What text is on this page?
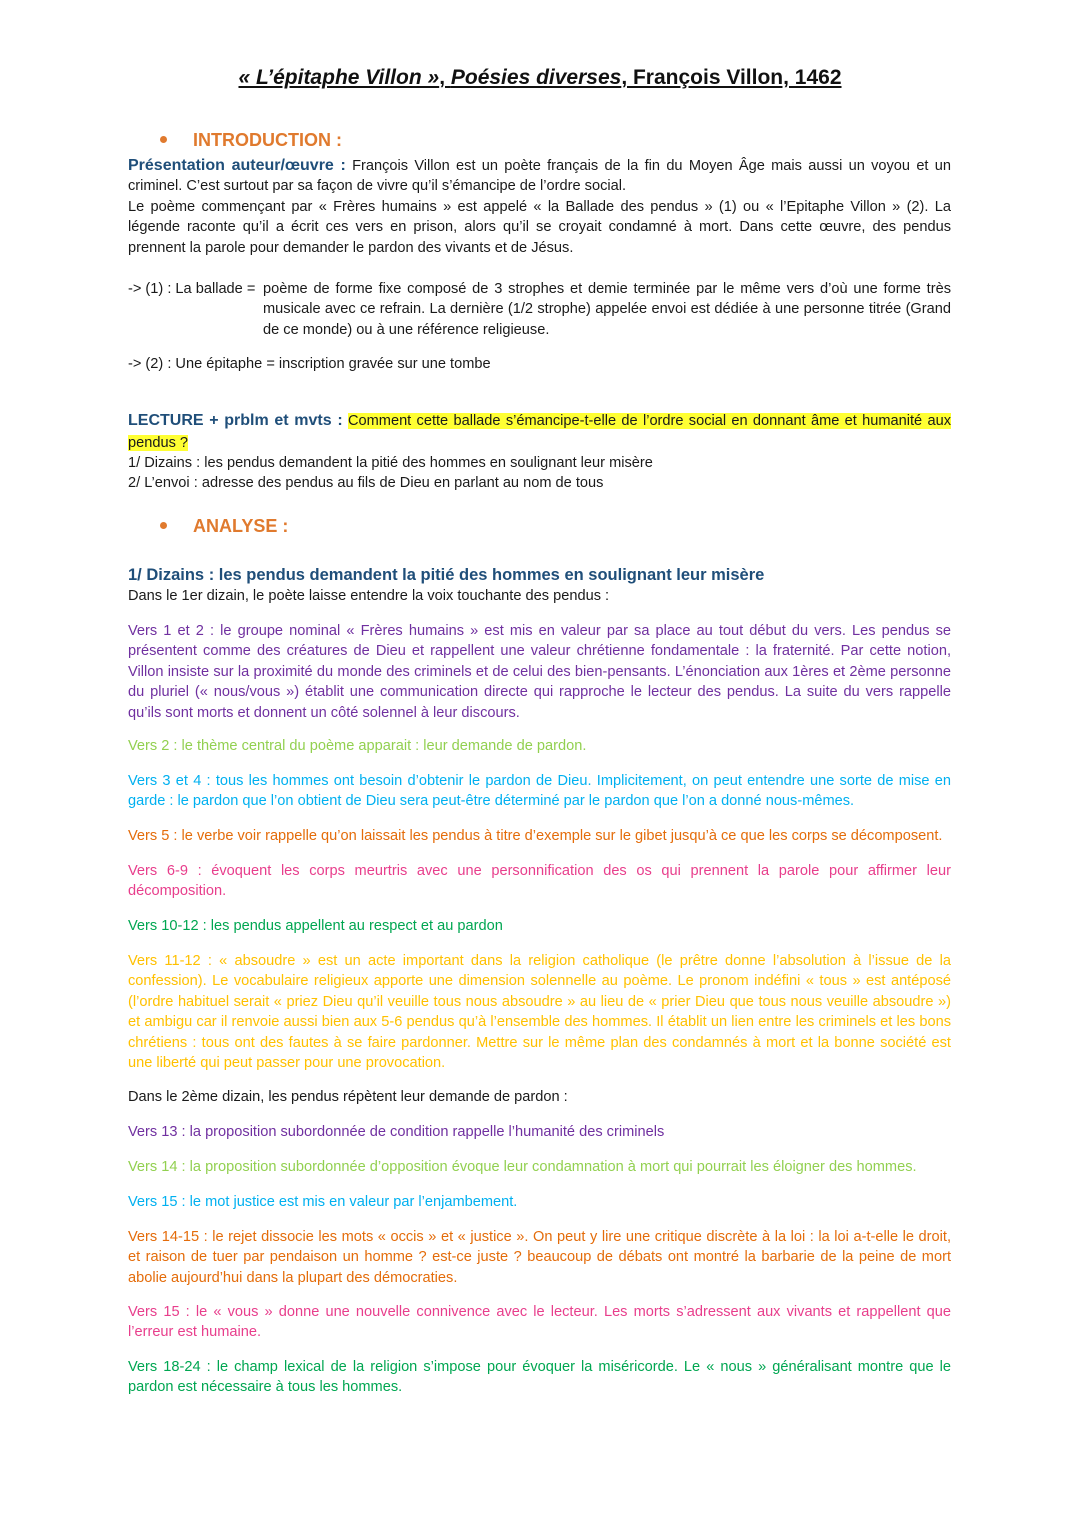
« L’épitaphe Villon », Poésies diverses, François Villon, 1462
INTRODUCTION :
Présentation auteur/œuvre : François Villon est un poète français de la fin du Moyen Âge mais aussi un voyou et un criminel. C’est surtout par sa façon de vivre qu’il s’émancipe de l’ordre social.
Le poème commençant par « Frères humains » est appelé « la Ballade des pendus » (1) ou « l’Epitaphe Villon » (2). La légende raconte qu’il a écrit ces vers en prison, alors qu’il se croyait condamné à mort. Dans cette œuvre, des pendus prennent la parole pour demander le pardon des vivants et de Jésus.
-> (1) : La ballade = poème de forme fixe composé de 3 strophes et demie terminée par le même vers d’où une forme très musicale avec ce refrain. La dernière (1/2 strophe) appelée envoi est dédiée à une personne titrée (Grand de ce monde) ou à une référence religieuse.
-> (2) : Une épitaphe = inscription gravée sur une tombe
LECTURE + prblm et mvts : Comment cette ballade s’émancipe-t-elle de l’ordre social en donnant âme et humanité aux pendus ?
1/ Dizains : les pendus demandent la pitié des hommes en soulignant leur misère
2/ L’envoi : adresse des pendus au fils de Dieu en parlant au nom de tous
ANALYSE :
1/ Dizains : les pendus demandent la pitié des hommes en soulignant leur misère
Dans le 1er dizain, le poète laisse entendre la voix touchante des pendus :
Vers 1 et 2 : le groupe nominal « Frères humains » est mis en valeur par sa place au tout début du vers. Les pendus se présentent comme des créatures de Dieu et rappellent une valeur chrétienne fondamentale : la fraternité. Par cette notion, Villon insiste sur la proximité du monde des criminels et de celui des bien-pensants. L’énonciation aux 1ères et 2ème personne du pluriel (« nous/vous ») établit une communication directe qui rapproche le lecteur des pendus. La suite du vers rappelle qu’ils sont morts et donnent un côté solennel à leur discours.
Vers 2 : le thème central du poème apparait : leur demande de pardon.
Vers 3 et 4 : tous les hommes ont besoin d’obtenir le pardon de Dieu. Implicitement, on peut entendre une sorte de mise en garde : le pardon que l’on obtient de Dieu sera peut-être déterminé par le pardon que l’on a donné nous-mêmes.
Vers 5 : le verbe voir rappelle qu’on laissait les pendus à titre d’exemple sur le gibet jusqu’à ce que les corps se décomposent.
Vers 6-9 : évoquent les corps meurtris avec une personnification des os qui prennent la parole pour affirmer leur décomposition.
Vers 10-12 : les pendus appellent au respect et au pardon
Vers 11-12 : « absoudre » est un acte important dans la religion catholique (le prêtre donne l’absolution à l’issue de la confession). Le vocabulaire religieux apporte une dimension solennelle au poème. Le pronom indéfini « tous » est antéposé (l’ordre habituel serait « priez Dieu qu’il veuille tous nous absoudre » au lieu de « prier Dieu que tous nous veuille absoudre ») et ambigu car il renvoie aussi bien aux 5-6 pendus qu’à l’ensemble des hommes. Il établit un lien entre les criminels et les bons chrétiens : tous ont des fautes à se faire pardonner. Mettre sur le même plan des condamnés à mort et la bonne société est une liberté qui peut passer pour une provocation.
Dans le 2ème dizain, les pendus répètent leur demande de pardon :
Vers 13 : la proposition subordonnée de condition rappelle l’humanité des criminels
Vers 14 : la proposition subordonnée d’opposition évoque leur condamnation à mort qui pourrait les éloigner des hommes.
Vers 15 : le mot justice est mis en valeur par l’enjambement.
Vers 14-15 : le rejet dissocie les mots « occis » et « justice ». On peut y lire une critique discrète à la loi : la loi a-t-elle le droit, et raison de tuer par pendaison un homme ? est-ce juste ? beaucoup de débats ont montré la barbarie de la peine de mort abolie aujourd’hui dans la plupart des démocraties.
Vers 15 : le « vous » donne une nouvelle connivence avec le lecteur. Les morts s’adressent aux vivants et rappellent que l’erreur est humaine.
Vers 18-24 : le champ lexical de la religion s’impose pour évoquer la miséricorde. Le « nous » généralisant montre que le pardon est nécessaire à tous les hommes.
